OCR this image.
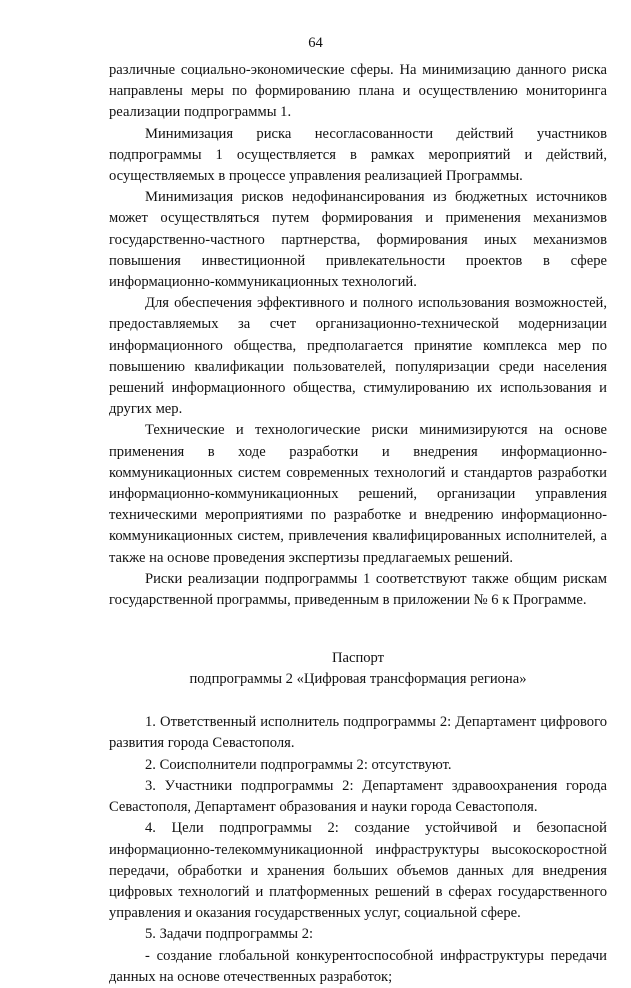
64

различные социально-экономические сферы. На минимизацию данного риска направлены меры по формированию плана и осуществлению мониторинга реализации подпрограммы 1.

Минимизация риска несогласованности действий участников подпрограммы 1 осуществляется в рамках мероприятий и действий, осуществляемых в процессе управления реализацией Программы.

Минимизация рисков недофинансирования из бюджетных источников может осуществляться путем формирования и применения механизмов государственно-частного партнерства, формирования иных механизмов повышения инвестиционной привлекательности проектов в сфере информационно-коммуникационных технологий.

Для обеспечения эффективного и полного использования возможностей, предоставляемых за счет организационно-технической модернизации информационного общества, предполагается принятие комплекса мер по повышению квалификации пользователей, популяризации среди населения решений информационного общества, стимулированию их использования и других мер.

Технические и технологические риски минимизируются на основе применения в ходе разработки и внедрения информационно-коммуникационных систем современных технологий и стандартов разработки информационно-коммуникационных решений, организации управления техническими мероприятиями по разработке и внедрению информационно-коммуникационных систем, привлечения квалифицированных исполнителей, а также на основе проведения экспертизы предлагаемых решений.

Риски реализации подпрограммы 1 соответствуют также общим рискам государственной программы, приведенным в приложении № 6 к Программе.

Паспорт
подпрограммы 2 «Цифровая трансформация региона»

1. Ответственный исполнитель подпрограммы 2: Департамент цифрового развития города Севастополя.

2. Соисполнители подпрограммы 2: отсутствуют.

3. Участники подпрограммы 2: Департамент здравоохранения города Севастополя, Департамент образования и науки города Севастополя.

4. Цели подпрограммы 2: создание устойчивой и безопасной информационно-телекоммуникационной инфраструктуры высокоскоростной передачи, обработки и хранения больших объемов данных для внедрения цифровых технологий и платформенных решений в сферах государственного управления и оказания государственных услуг, социальной сфере.

5. Задачи подпрограммы 2:

- создание глобальной конкурентоспособной инфраструктуры передачи данных на основе отечественных разработок;
